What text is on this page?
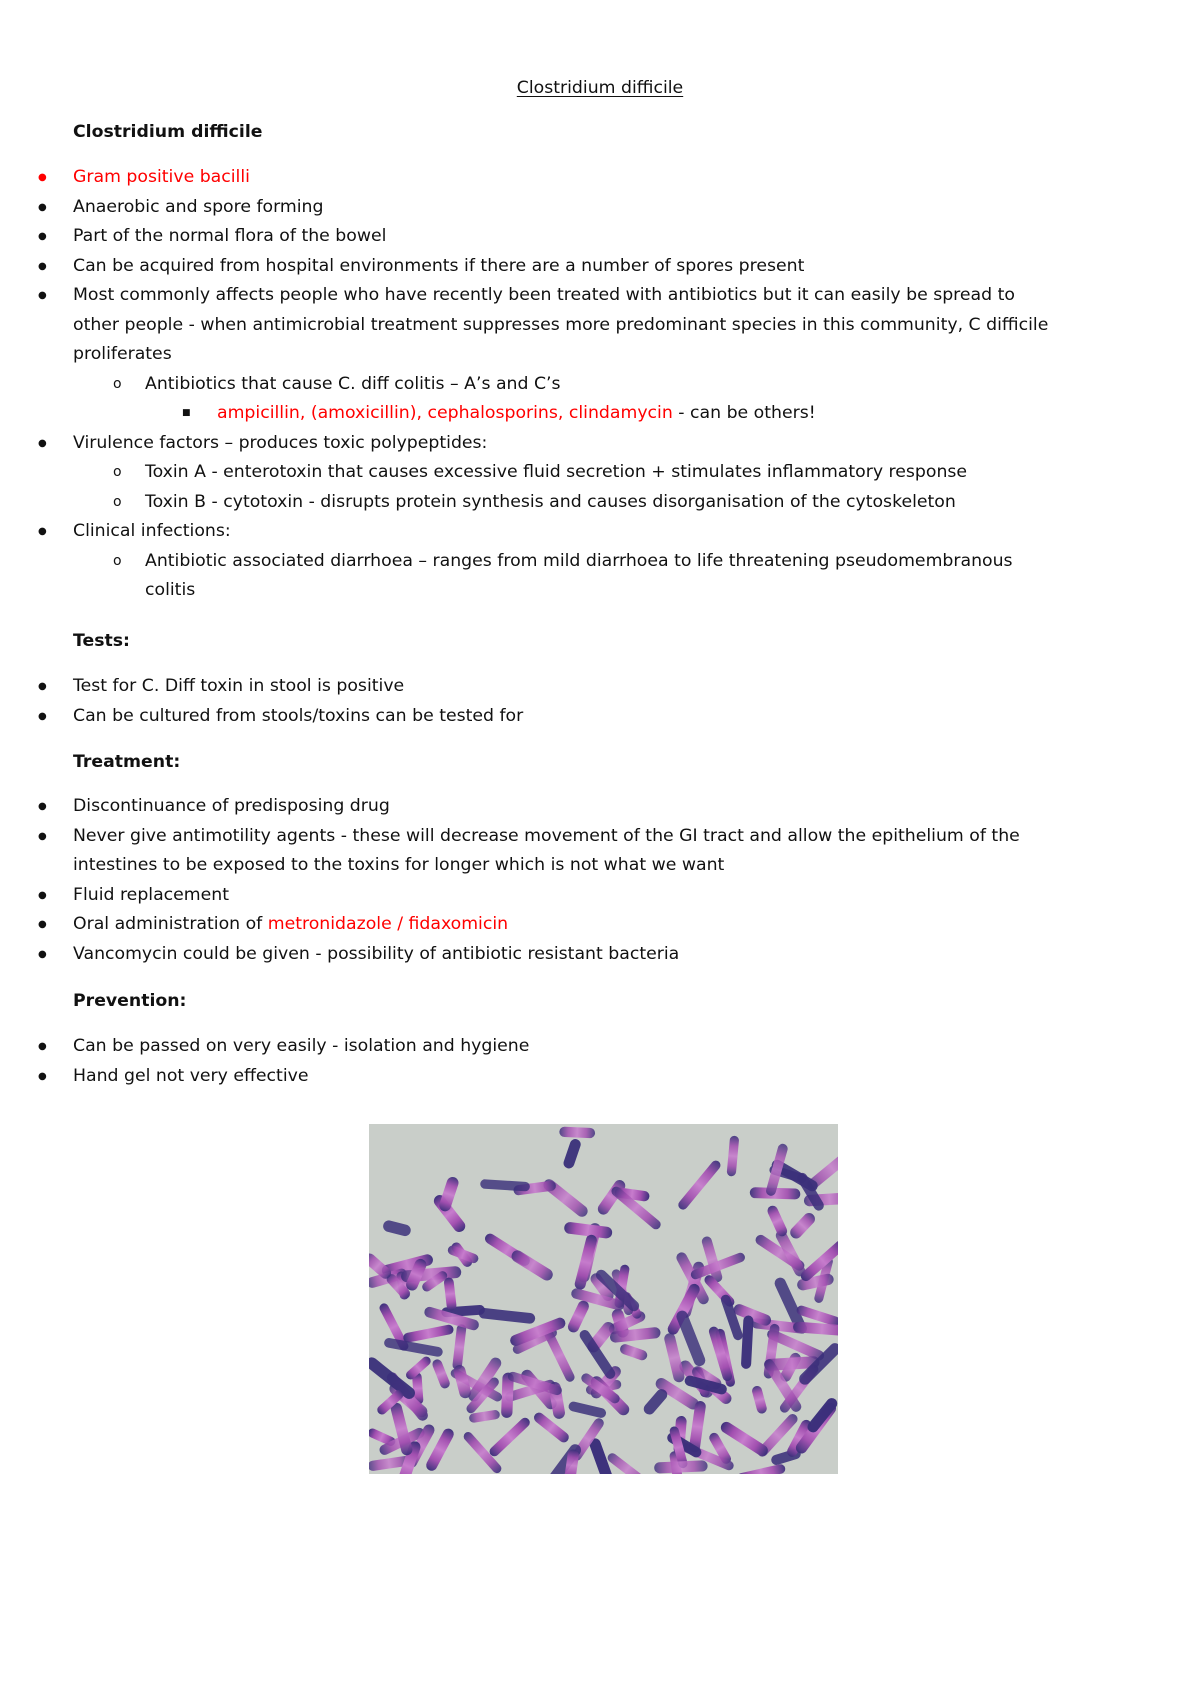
Clostridium difficile
Clostridium difficile
● Gram positive bacilli
● Anaerobic and spore forming
● Part of the normal flora of the bowel
● Can be acquired from hospital environments if there are a number of spores present
● Most commonly affects people who have recently been treated with antibiotics but it can easily be spread to other people - when antimicrobial treatment suppresses more predominant species in this community, C difficile proliferates
o Antibiotics that cause C. diff colitis – A’s and C’s
■ ampicillin, (amoxicillin), cephalosporins, clindamycin - can be others!
● Virulence factors – produces toxic polypeptides:
o Toxin A - enterotoxin that causes excessive fluid secretion + stimulates inflammatory response
o Toxin B - cytotoxin - disrupts protein synthesis and causes disorganisation of the cytoskeleton
● Clinical infections:
o Antibiotic associated diarrhoea – ranges from mild diarrhoea to life threatening pseudomembranous colitis
Tests:
● Test for C. Diff toxin in stool is positive
● Can be cultured from stools/toxins can be tested for
Treatment:
● Discontinuance of predisposing drug
● Never give antimotility agents - these will decrease movement of the GI tract and allow the epithelium of the intestines to be exposed to the toxins for longer which is not what we want
● Fluid replacement
● Oral administration of metronidazole / fidaxomicin
● Vancomycin could be given - possibility of antibiotic resistant bacteria
Prevention:
● Can be passed on very easily - isolation and hygiene
● Hand gel not very effective
